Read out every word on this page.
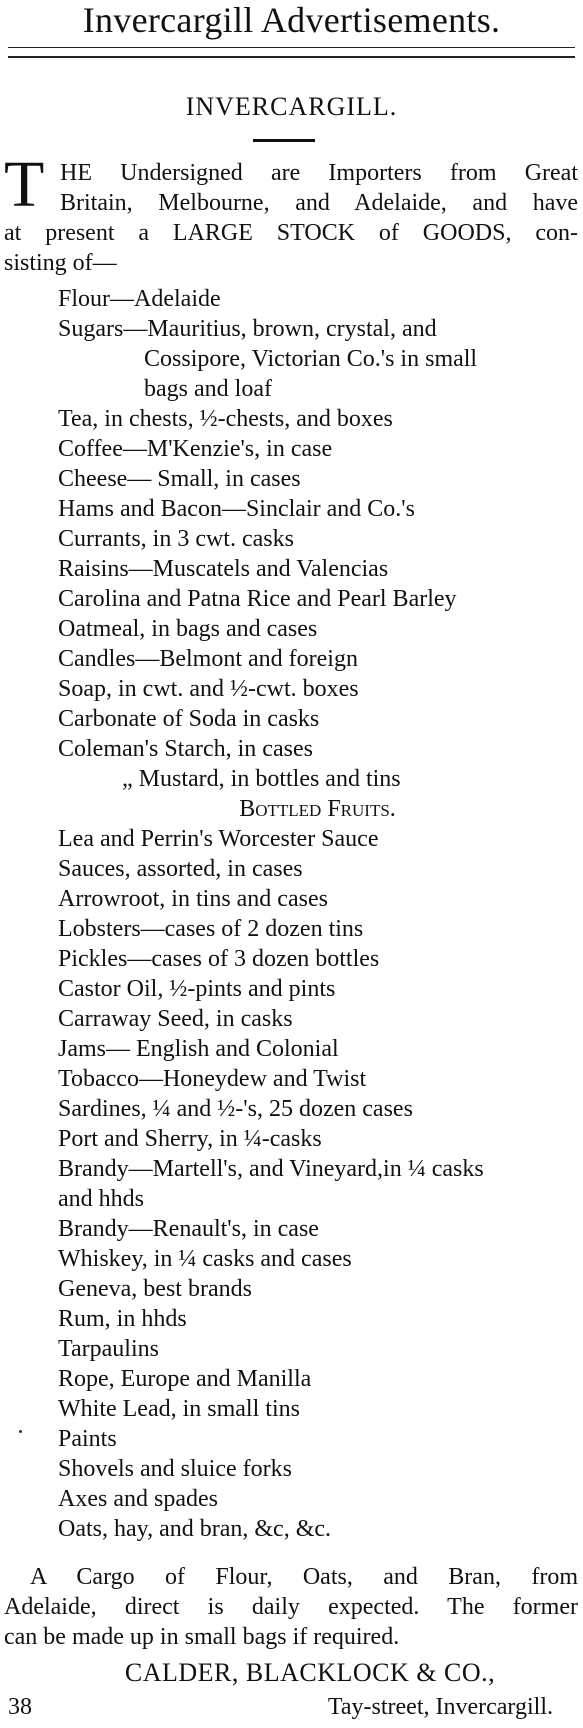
Invercargill Advertisements.
INVERCARGILL.
T HE Undersigned are Importers from Great
Britain, Melbourne, and Adelaide, and have
at present a LARGE STOCK of GOODS, con-
sisting of—
Flour—Adelaide
Sugars—Mauritius, brown, crystal, and
Cossipore, Victorian Co.'s in small
bags and loaf
Tea, in chests, ½-chests, and boxes
Coffee—M'Kenzie's, in case
Cheese— Small, in cases
Hams and Bacon—Sinclair and Co.'s
Currants, in 3 cwt. casks
Raisins—Muscatels and Valencias
Carolina and Patna Rice and Pearl Barley
Oatmeal, in bags and cases
Candles—Belmont and foreign
Soap, in cwt. and ½-cwt. boxes
Carbonate of Soda in casks
Coleman's Starch, in cases
„ Mustard, in bottles and tins
Bottled Fruits.
Lea and Perrin's Worcester Sauce
Sauces, assorted, in cases
Arrowroot, in tins and cases
Lobsters—cases of 2 dozen tins
Pickles—cases of 3 dozen bottles
Castor Oil, ½-pints and pints
Carraway Seed, in casks
Jams— English and Colonial
Tobacco—Honeydew and Twist
Sardines, ¼ and ½-'s, 25 dozen cases
Port and Sherry, in ¼-casks
Brandy—Martell's, and Vineyard,in ¼ casks
and hhds
Brandy—Renault's, in case
Whiskey, in ¼ casks and cases
Geneva, best brands
Rum, in hhds
Tarpaulins
Rope, Europe and Manilla
White Lead, in small tins
Paints
Shovels and sluice forks
Axes and spades
Oats, hay, and bran, &c, &c.
A Cargo of Flour, Oats, and Bran, from
Adelaide, direct is daily expected. The former
can be made up in small bags if required.
CALDER, BLACKLOCK & CO.,
38	Tay-street, Invercargill.
